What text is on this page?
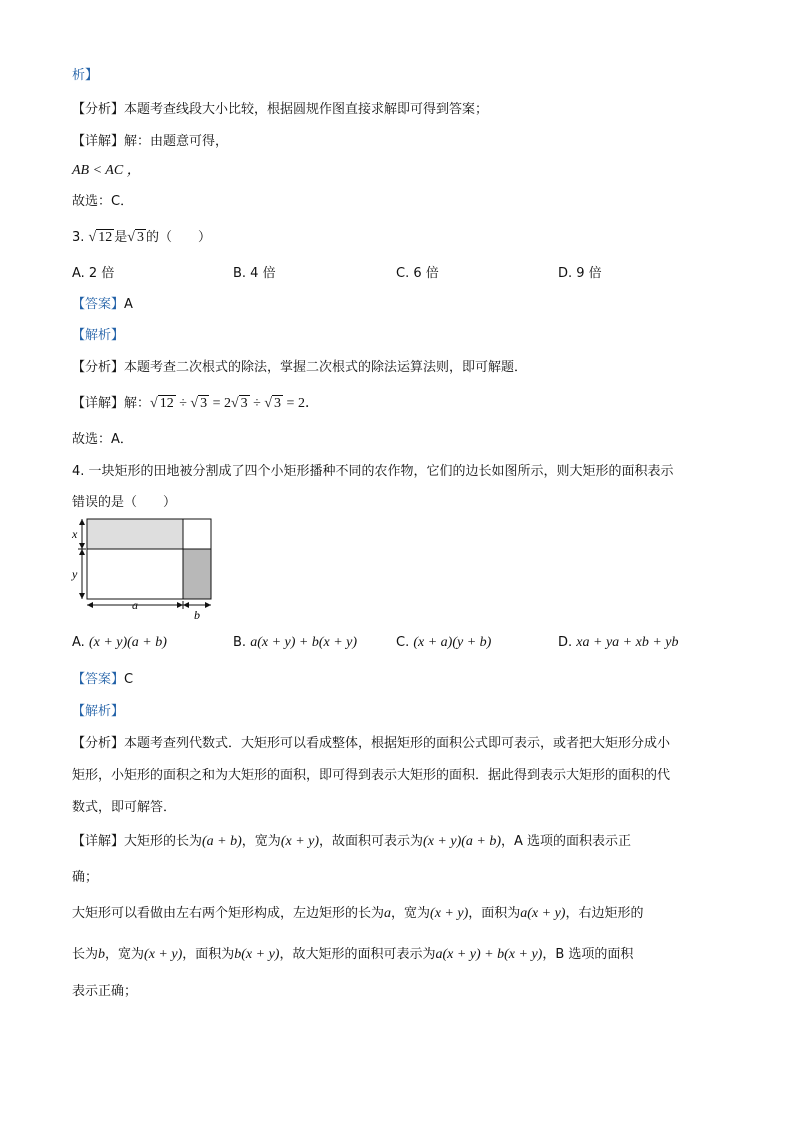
析】
【分析】本题考查线段大小比较，根据圆规作图直接求解即可得到答案；
【详解】解：由题意可得，
AB < AC ，
故选：C．
3. √ 12 是√ 3 的（　　）
A. 2 倍	B. 4 倍	C. 6 倍	D. 9 倍
【答案】A
【解析】
【分析】本题考查二次根式的除法，掌握二次根式的除法运算法则，即可解题．
【详解】解：√ 12 ÷ √ 3 = 2√ 3 ÷ √ 3 = 2．
故选：A．
4. 一块矩形的田地被分割成了四个小矩形播种不同的农作物，它们的边长如图所示，则大矩形的面积表示
错误的是（　　）
x
y
a
b
A. (x + y)(a + b)	B. a(x + y) + b(x + y)	C. (x + a)(y + b)	D. xa + ya + xb + yb
【答案】C
【解析】
【分析】本题考查列代数式．大矩形可以看成整体，根据矩形的面积公式即可表示，或者把大矩形分成小
矩形，小矩形的面积之和为大矩形的面积，即可得到表示大矩形的面积．据此得到表示大矩形的面积的代
数式，即可解答．
【详解】大矩形的长为(a + b)，宽为(x + y)，故面积可表示为(x + y)(a + b)，A 选项的面积表示正
确；
大矩形可以看做由左右两个矩形构成，左边矩形的长为a，宽为(x + y)，面积为a(x + y)，右边矩形的
长为b，宽为(x + y)，面积为b(x + y)，故大矩形的面积可表示为a(x + y) + b(x + y)，B 选项的面积
表示正确；
